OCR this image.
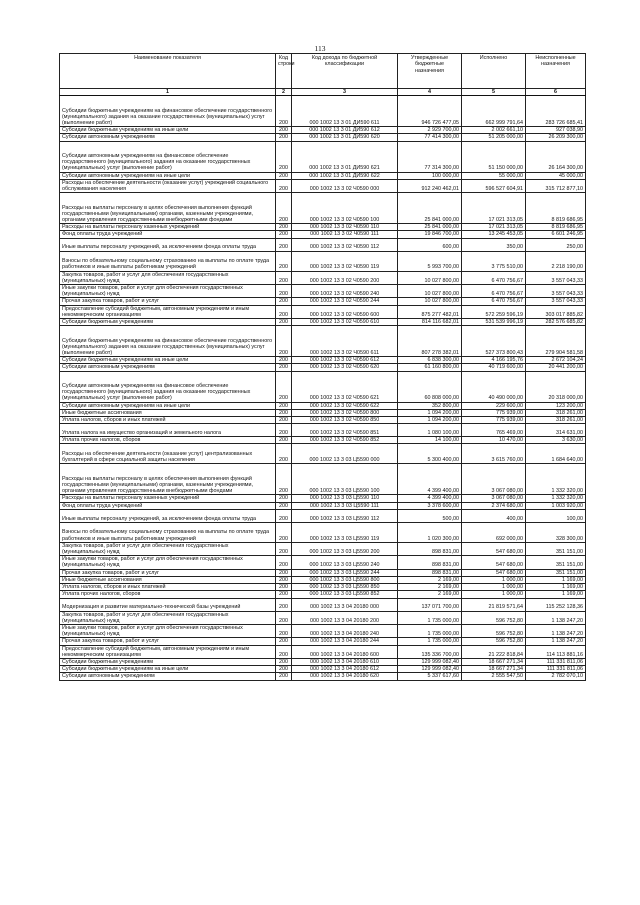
113
Наименование показателя	Код строки	Код дохода по бюджетной классификации	Утвержденные бюджетные назначения	Исполнено	Неисполненные назначения
1	2	3	4	5	6
Субсидии бюджетным учреждениям на финансовое обеспечение государственного (муниципального) задания на оказание государственных (муниципальных) услуг (выполнение работ)	200	000 1002 13 3 01 ДИ590 611	946 726 477,05	662 999 791,64	283 726 685,41
Субсидии бюджетным учреждениям на иные цели	200	000 1002 13 3 01 ДИ590 612	2 929 700,00	2 002 661,10	927 038,90
Субсидии автономным учреждениям	200	000 1002 13 3 01 ДИ590 620	77 414 300,00	51 205 000,00	26 209 300,00
Субсидии автономным учреждениям на финансовое обеспечение государственного (муниципального) задания на оказание государственных (муниципальных) услуг (выполнение работ)	200	000 1002 13 3 01 ДИ590 621	77 314 300,00	51 150 000,00	26 164 300,00
Субсидии автономным учреждениям на иные цели	200	000 1002 13 3 01 ДИ590 622	100 000,00	55 000,00	45 000,00
Расходы на обеспечение деятельности (оказание услуг) учреждений социального обслуживания населения	200	000 1002 13 3 02 Ч0590 000	912 240 462,01	596 527 604,91	315 712 877,10
Расходы на выплаты персоналу в целях обеспечения выполнения функций государственными (муниципальными) органами, казенными учреждениями, органами управления государственными внебюджетными фондами	200	000 1002 13 3 02 Ч0590 100	25 841 000,00	17 021 313,05	8 819 686,95
Расходы на выплаты персоналу казенных учреждений	200	000 1002 13 3 02 Ч0590 110	25 841 000,00	17 021 313,05	8 819 686,95
Фонд оплаты труда учреждений	200	000 1002 13 3 02 Ч0590 111	19 846 700,00	13 245 453,05	6 601 246,95
Иные выплаты персоналу учреждений, за исключением фонда оплаты труда	200	000 1002 13 3 02 Ч0590 112	600,00	350,00	250,00
Взносы по обязательному социальному страхованию на выплаты по оплате труда работников и иные выплаты работникам учреждений	200	000 1002 13 3 02 Ч0590 119	5 993 700,00	3 775 510,00	2 218 190,00
Закупка товаров, работ и услуг для обеспечения государственных (муниципальных) нужд	200	000 1002 13 3 02 Ч0590 200	10 027 800,00	6 470 756,67	3 557 043,33
Иные закупки товаров, работ и услуг для обеспечения государственных (муниципальных) нужд	200	000 1002 13 3 02 Ч0590 240	10 027 800,00	6 470 756,67	3 557 043,33
Прочая закупка товаров, работ и услуг	200	000 1002 13 3 02 Ч0590 244	10 027 800,00	6 470 756,67	3 557 043,33
Предоставление субсидий бюджетным, автономным учреждениям и иным некоммерческим организациям	200	000 1002 13 3 02 Ч0590 600	875 277 482,01	572 259 596,19	303 017 885,82
Субсидии бюджетным учреждениям	200	000 1002 13 3 02 Ч0590 610	814 116 682,01	531 539 996,19	282 576 685,82
Субсидии бюджетным учреждениям на финансовое обеспечение государственного (муниципального) задания на оказание государственных (муниципальных) услуг (выполнение работ)	200	000 1002 13 3 02 Ч0590 611	807 278 382,01	527 373 800,43	279 904 581,58
Субсидии бюджетным учреждениям на иные цели	200	000 1002 13 3 02 Ч0590 612	6 838 300,00	4 166 195,76	2 672 104,24
Субсидии автономным учреждениям	200	000 1002 13 3 02 Ч0590 620	61 160 800,00	40 719 600,00	20 441 200,00
Субсидии автономным учреждениям на финансовое обеспечение государственного (муниципального) задания на оказание государственных (муниципальных) услуг (выполнение работ)	200	000 1002 13 3 02 Ч0590 621	60 808 000,00	40 490 000,00	20 318 000,00
Субсидии автономным учреждениям на иные цели	200	000 1002 13 3 02 Ч0590 622	352 800,00	229 600,00	123 200,00
Иные бюджетные ассигнования	200	000 1002 13 3 02 Ч0590 800	1 094 200,00	775 939,00	318 261,00
Уплата налогов, сборов и иных платежей	200	000 1002 13 3 02 Ч0590 850	1 094 200,00	775 939,00	318 261,00
Уплата налога на имущество организаций и земельного налога	200	000 1002 13 3 02 Ч0590 851	1 080 100,00	765 469,00	314 631,00
Уплата прочих налогов, сборов	200	000 1002 13 3 02 Ч0590 852	14 100,00	10 470,00	3 630,00
Расходы на обеспечение деятельности (оказание услуг) централизованных бухгалтерий в сфере социальной защиты населения	200	000 1002 13 3 03 Ц5590 000	5 300 400,00	3 615 760,00	1 684 640,00
Расходы на выплаты персоналу в целях обеспечения выполнения функций государственными (муниципальными) органами, казенными учреждениями, органами управления государственными внебюджетными фондами	200	000 1002 13 3 03 Ц5590 100	4 399 400,00	3 067 080,00	1 332 320,00
Расходы на выплаты персоналу казенных учреждений	200	000 1002 13 3 03 Ц5590 110	4 399 400,00	3 067 080,00	1 332 320,00
Фонд оплаты труда учреждений	200	000 1002 13 3 03 Ц5590 111	3 378 600,00	2 374 680,00	1 003 920,00
Иные выплаты персоналу учреждений, за исключением фонда оплаты труда	200	000 1002 13 3 03 Ц5590 112	500,00	400,00	100,00
Взносы по обязательному социальному страхованию на выплаты по оплате труда работников и иные выплаты работникам учреждений	200	000 1002 13 3 03 Ц5590 119	1 020 300,00	692 000,00	328 300,00
Закупка товаров, работ и услуг для обеспечения государственных (муниципальных) нужд	200	000 1002 13 3 03 Ц5590 200	898 831,00	547 680,00	351 151,00
Иные закупки товаров, работ и услуг для обеспечения государственных (муниципальных) нужд	200	000 1002 13 3 03 Ц5590 240	898 831,00	547 680,00	351 151,00
Прочая закупка товаров, работ и услуг	200	000 1002 13 3 03 Ц5590 244	898 831,00	547 680,00	351 151,00
Иные бюджетные ассигнования	200	000 1002 13 3 03 Ц5590 800	2 169,00	1 000,00	1 169,00
Уплата налогов, сборов и иных платежей	200	000 1002 13 3 03 Ц5590 850	2 169,00	1 000,00	1 169,00
Уплата прочих налогов, сборов	200	000 1002 13 3 03 Ц5590 852	2 169,00	1 000,00	1 169,00
Модернизация и развитие материально-технической базы учреждений	200	000 1002 13 3 04 20180 000	137 071 700,00	21 819 571,64	115 252 128,36
Закупка товаров, работ и услуг для обеспечения государственных (муниципальных) нужд	200	000 1002 13 3 04 20180 200	1 735 000,00	596 752,80	1 138 247,20
Иные закупки товаров, работ и услуг для обеспечения государственных (муниципальных) нужд	200	000 1002 13 3 04 20180 240	1 735 000,00	596 752,80	1 138 247,20
Прочая закупка товаров, работ и услуг	200	000 1002 13 3 04 20180 244	1 735 000,00	596 752,80	1 138 247,20
Предоставление субсидий бюджетным, автономным учреждениям и иным некоммерческим организациям	200	000 1002 13 3 04 20180 600	135 336 700,00	21 222 818,84	114 113 881,16
Субсидии бюджетным учреждениям	200	000 1002 13 3 04 20180 610	129 999 082,40	18 667 271,34	111 331 811,06
Субсидии бюджетным учреждениям на иные цели	200	000 1002 13 3 04 20180 612	129 999 082,40	18 667 271,34	111 331 811,06
Субсидии автономным учреждениям	200	000 1002 13 3 04 20180 620	5 337 617,60	2 555 547,50	2 782 070,10
